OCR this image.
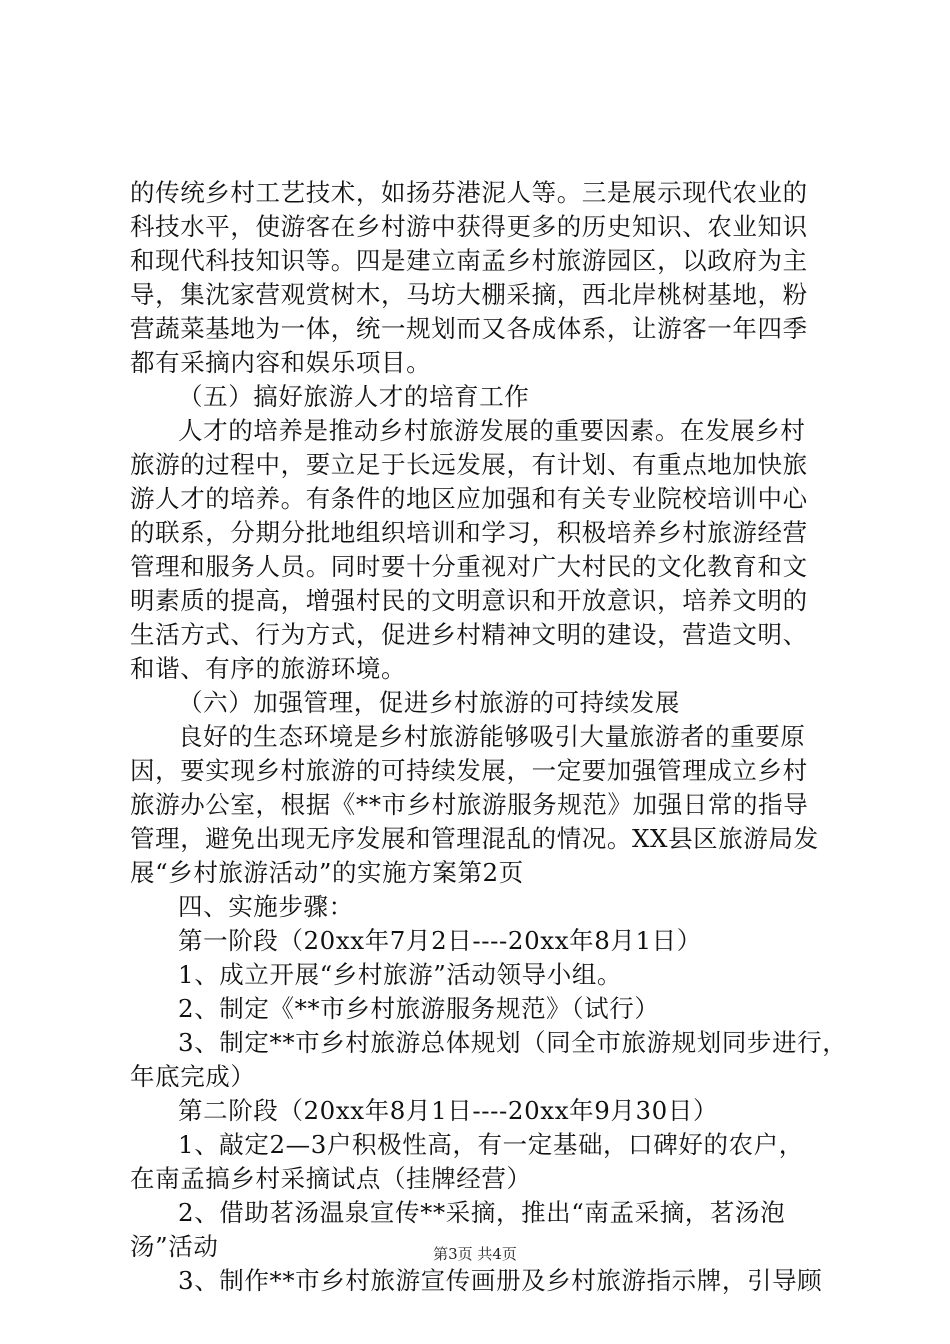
的传统乡村工艺技术，如扬芬港泥人等。三是展示现代农业的
科技水平，使游客在乡村游中获得更多的历史知识、农业知识
和现代科技知识等。四是建立南孟乡村旅游园区，以政府为主
导，集沈家营观赏树木，马坊大棚采摘，西北岸桃树基地，粉
营蔬菜基地为一体，统一规划而又各成体系，让游客一年四季
都有采摘内容和娱乐项目。
（五）搞好旅游人才的培育工作
人才的培养是推动乡村旅游发展的重要因素。在发展乡村
旅游的过程中，要立足于长远发展，有计划、有重点地加快旅
游人才的培养。有条件的地区应加强和有关专业院校培训中心
的联系，分期分批地组织培训和学习，积极培养乡村旅游经营
管理和服务人员。同时要十分重视对广大村民的文化教育和文
明素质的提高，增强村民的文明意识和开放意识，培养文明的
生活方式、行为方式，促进乡村精神文明的建设，营造文明、
和谐、有序的旅游环境。
（六）加强管理，促进乡村旅游的可持续发展
良好的生态环境是乡村旅游能够吸引大量旅游者的重要原
因，要实现乡村旅游的可持续发展，一定要加强管理成立乡村
旅游办公室，根据《**市乡村旅游服务规范》加强日常的指导
管理，避免出现无序发展和管理混乱的情况。XX县区旅游局发
展“乡村旅游活动”的实施方案第2页
四、实施步骤：
第一阶段（20xx年7月2日----20xx年8月1日）
1、成立开展“乡村旅游”活动领导小组。
2、制定《**市乡村旅游服务规范》（试行）
3、制定**市乡村旅游总体规划（同全市旅游规划同步进行，
年底完成）
第二阶段（20xx年8月1日----20xx年9月30日）
1、敲定2—3户积极性高，有一定基础，口碑好的农户，
在南孟搞乡村采摘试点（挂牌经营）
2、借助茗汤温泉宣传**采摘，推出“南孟采摘，茗汤泡
汤”活动
3、制作**市乡村旅游宣传画册及乡村旅游指示牌，引导顾
第3页 共4页
